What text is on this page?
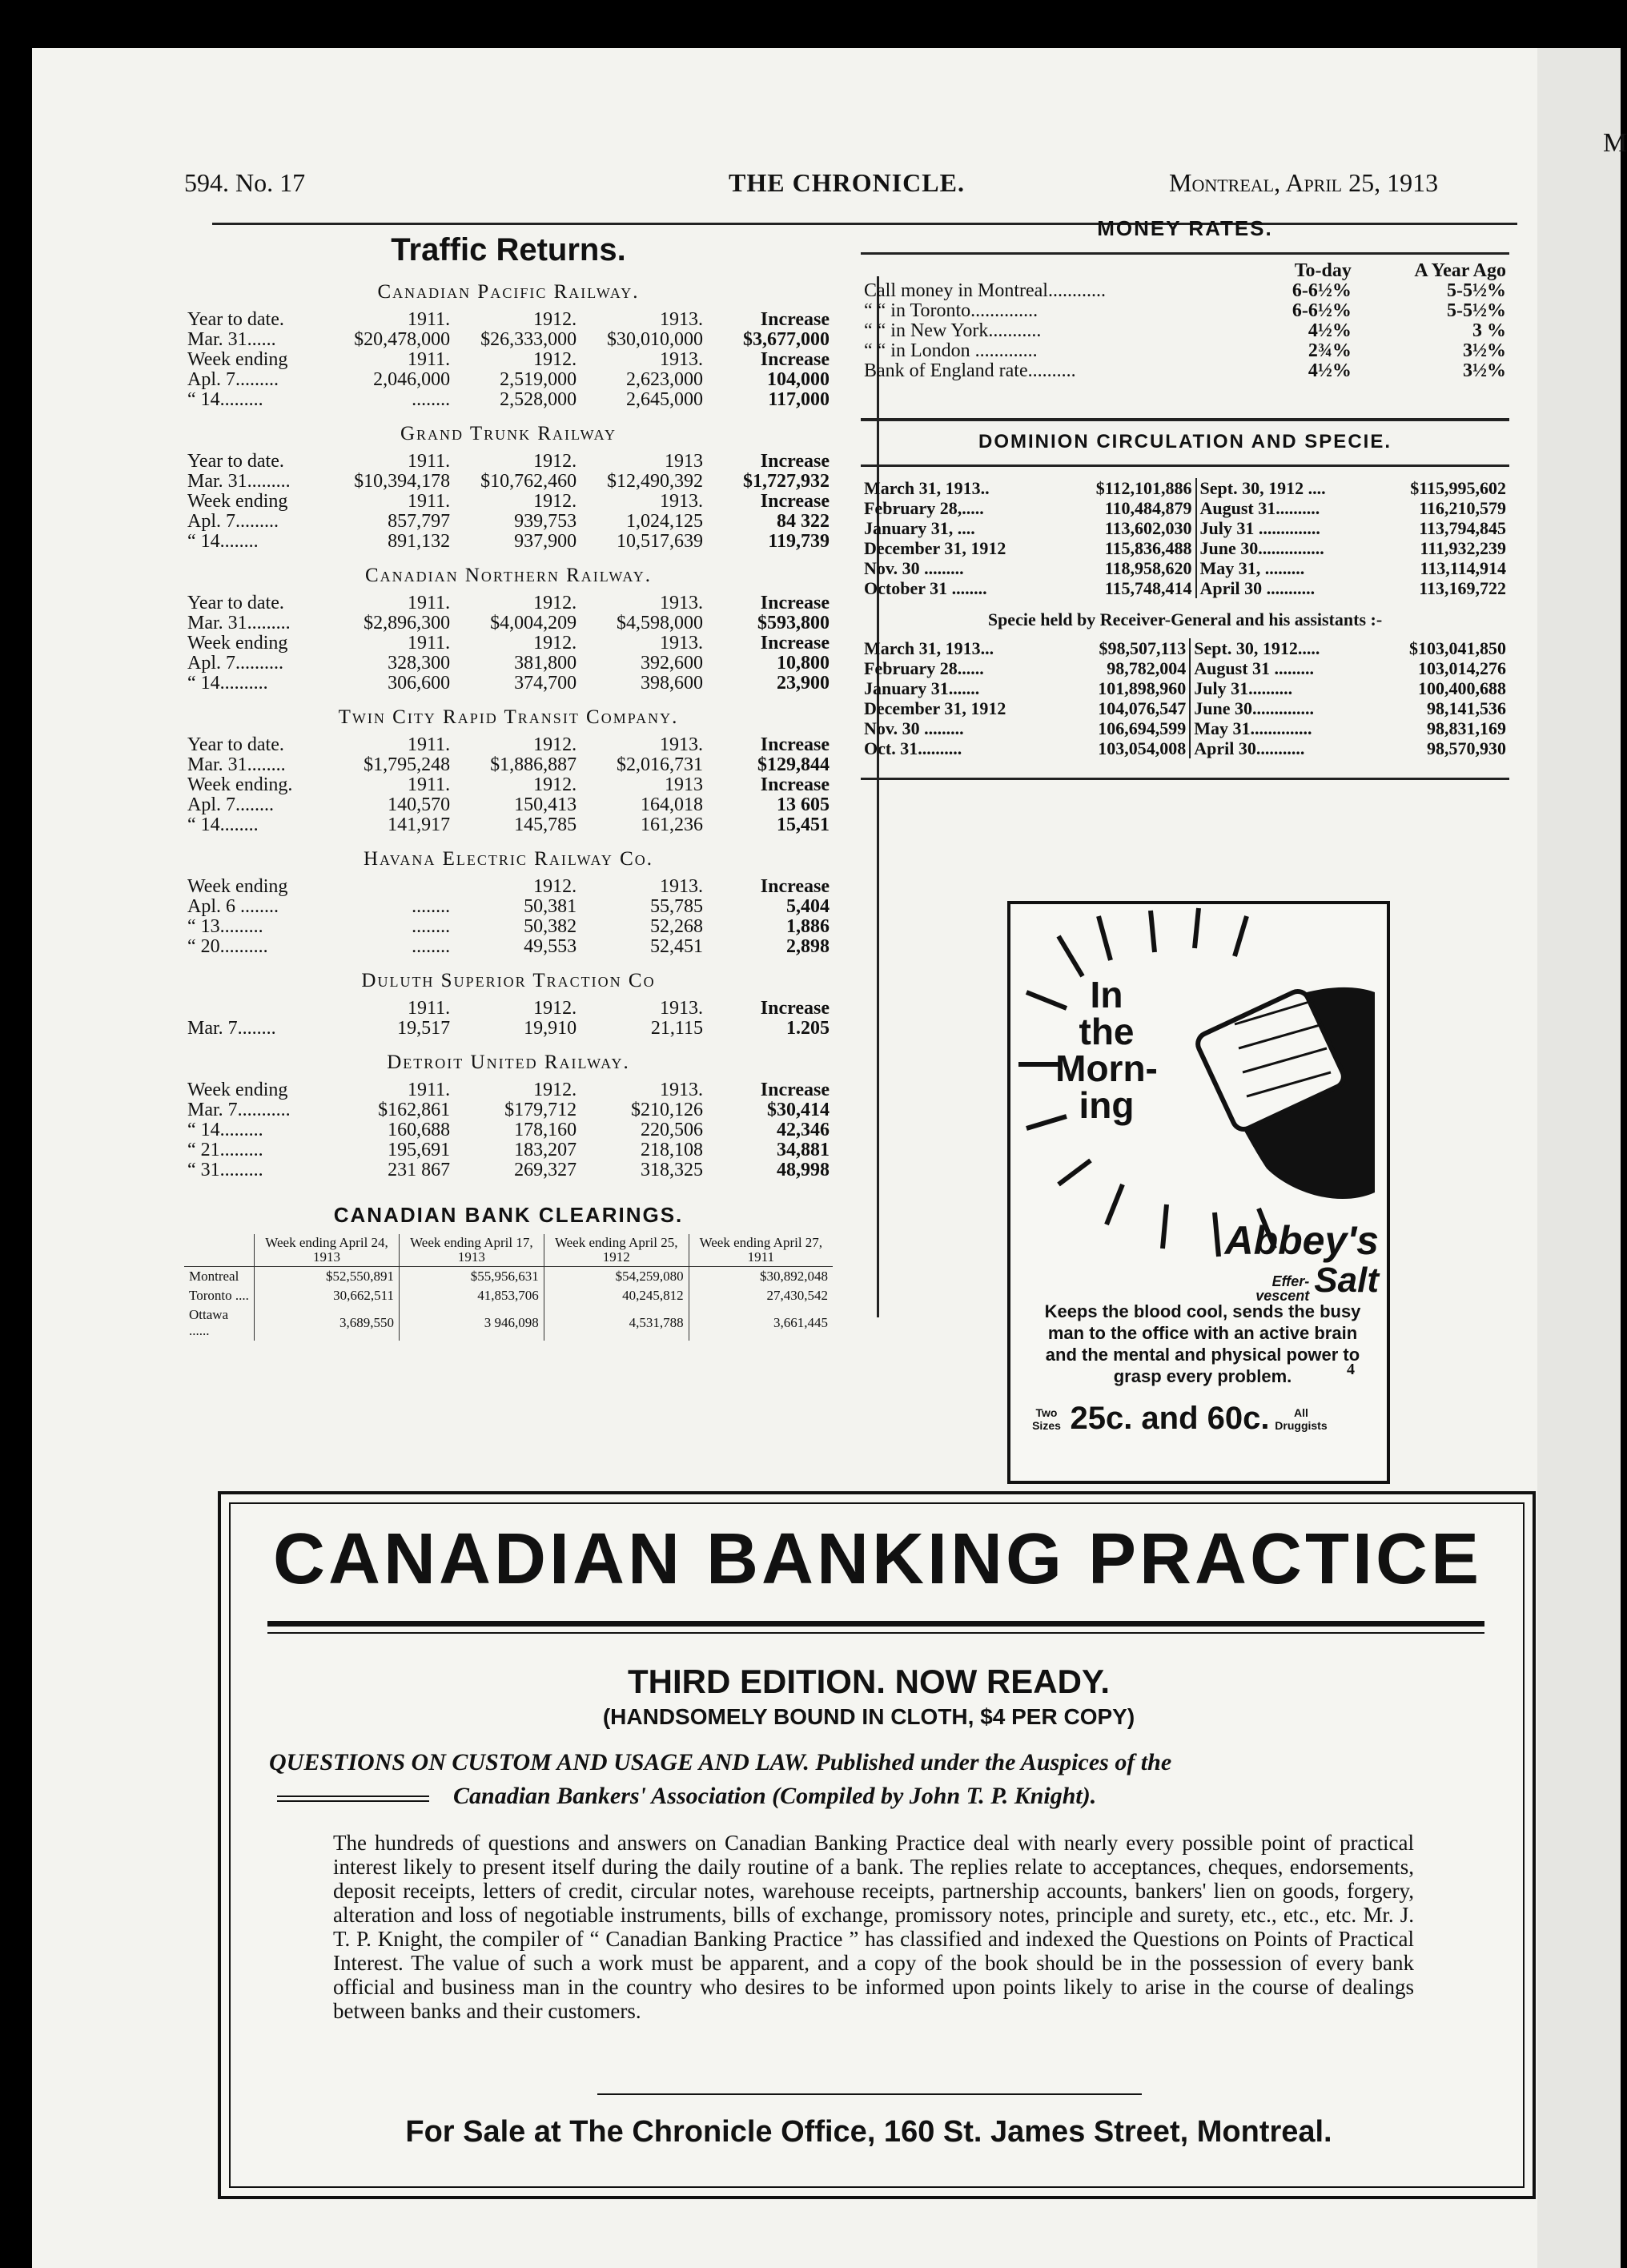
594. No. 17	THE CHRONICLE.	Montreal, April 25, 1913
M
Traffic Returns.
Canadian Pacific Railway.
Year to date.	1911.	1912.	1913.	Increase
Mar. 31......	$20,478,000	$26,333,000	$30,010,000	$3,677,000
Week ending	1911.	1912.	1913.	Increase
Apl. 7.........	2,046,000	2,519,000	2,623,000	104,000
“ 14.........	........	2,528,000	2,645,000	117,000
Grand Trunk Railway
Year to date.	1911.	1912.	1913	Increase
Mar. 31.........	$10,394,178	$10,762,460	$12,490,392	$1,727,932
Week ending	1911.	1912.	1913.	Increase
Apl. 7.........	857,797	939,753	1,024,125	84 322
“ 14........	891,132	937,900	10,517,639	119,739
Canadian Northern Railway.
Year to date.	1911.	1912.	1913.	Increase
Mar. 31.........	$2,896,300	$4,004,209	$4,598,000	$593,800
Week ending	1911.	1912.	1913.	Increase
Apl. 7..........	328,300	381,800	392,600	10,800
“ 14..........	306,600	374,700	398,600	23,900
Twin City Rapid Transit Company.
Year to date.	1911.	1912.	1913.	Increase
Mar. 31........	$1,795,248	$1,886,887	$2,016,731	$129,844
Week ending.	1911.	1912.	1913	Increase
Apl. 7........	140,570	150,413	164,018	13 605
“ 14........	141,917	145,785	161,236	15,451
Havana Electric Railway Co.
Week ending		1912.	1913.	Increase
Apl. 6 ........	........	50,381	55,785	5,404
“ 13.........	........	50,382	52,268	1,886
“ 20..........	........	49,553	52,451	2,898
Duluth Superior Traction Co
	1911.	1912.	1913.	Increase
Mar. 7........	19,517	19,910	21,115	1.205
Detroit United Railway.
Week ending	1911.	1912.	1913.	Increase
Mar. 7...........	$162,861	$179,712	$210,126	$30,414
“ 14.........	160,688	178,160	220,506	42,346
“ 21.........	195,691	183,207	218,108	34,881
“ 31.........	231 867	269,327	318,325	48,998
CANADIAN BANK CLEARINGS.
	Week ending April 24, 1913	Week ending April 17, 1913	Week ending April 25, 1912	Week ending April 27, 1911
Montreal	$52,550,891	$55,956,631	$54,259,080	$30,892,048
Toronto ....	30,662,511	41,853,706	40,245,812	27,430,542
Ottawa ......	3,689,550	3 946,098	4,531,788	3,661,445
MONEY RATES.
	To-day	A Year Ago
Call money in Montreal............	6-6½%	5-5½%
“ “ in Toronto..............	6-6½%	5-5½%
“ “ in New York...........	4½%	3 %
“ “ in London .............	2¾%	3½%
Bank of England rate..........	4½%	3½%
DOMINION CIRCULATION AND SPECIE.
March 31, 1913..	$112,101,886	Sept. 30, 1912 ....	$115,995,602
February 28,.....	110,484,879	August 31..........	116,210,579
January 31, ....	113,602,030	July 31 ..............	113,794,845
December 31, 1912	115,836,488	June 30...............	111,932,239
Nov. 30 .........	118,958,620	May 31, .........	113,114,914
October 31 ........	115,748,414	April 30 ...........	113,169,722
Specie held by Receiver-General and his assistants :-
March 31, 1913...	$98,507,113	Sept. 30, 1912.....	$103,041,850
February 28......	98,782,004	August 31 .........	103,014,276
January 31.......	101,898,960	July 31..........	100,400,688
December 31, 1912	104,076,547	June 30..............	98,141,536
Nov. 30 .........	106,694,599	May 31..............	98,831,169
Oct. 31..........	103,054,008	April 30...........	98,570,930
In
the
Morn-
ing
Abbey's
Effer-
vescent Salt
Keeps the blood cool, sends the busy man to the office with an active brain and the mental and physical power to grasp every problem.	4
Two Sizes 25c. and 60c. All Druggists
CANADIAN BANKING PRACTICE
THIRD EDITION. NOW READY.
(HANDSOMELY BOUND IN CLOTH, $4 PER COPY)
QUESTIONS ON CUSTOM AND USAGE AND LAW. Published under the Auspices of the
Canadian Bankers' Association (Compiled by John T. P. Knight).
The hundreds of questions and answers on Canadian Banking Practice deal with nearly every possible point of practical interest likely to present itself during the daily routine of a bank. The replies relate to acceptances, cheques, endorsements, deposit receipts, letters of credit, circular notes, warehouse receipts, partnership accounts, bankers' lien on goods, forgery, alteration and loss of negotiable instruments, bills of exchange, promissory notes, principle and surety, etc., etc., etc. Mr. J. T. P. Knight, the compiler of “ Canadian Banking Practice ” has classified and indexed the Questions on Points of Practical Interest. The value of such a work must be apparent, and a copy of the book should be in the possession of every bank official and business man in the country who desires to be informed upon points likely to arise in the course of dealings between banks and their customers.
For Sale at The Chronicle Office, 160 St. James Street, Montreal.
